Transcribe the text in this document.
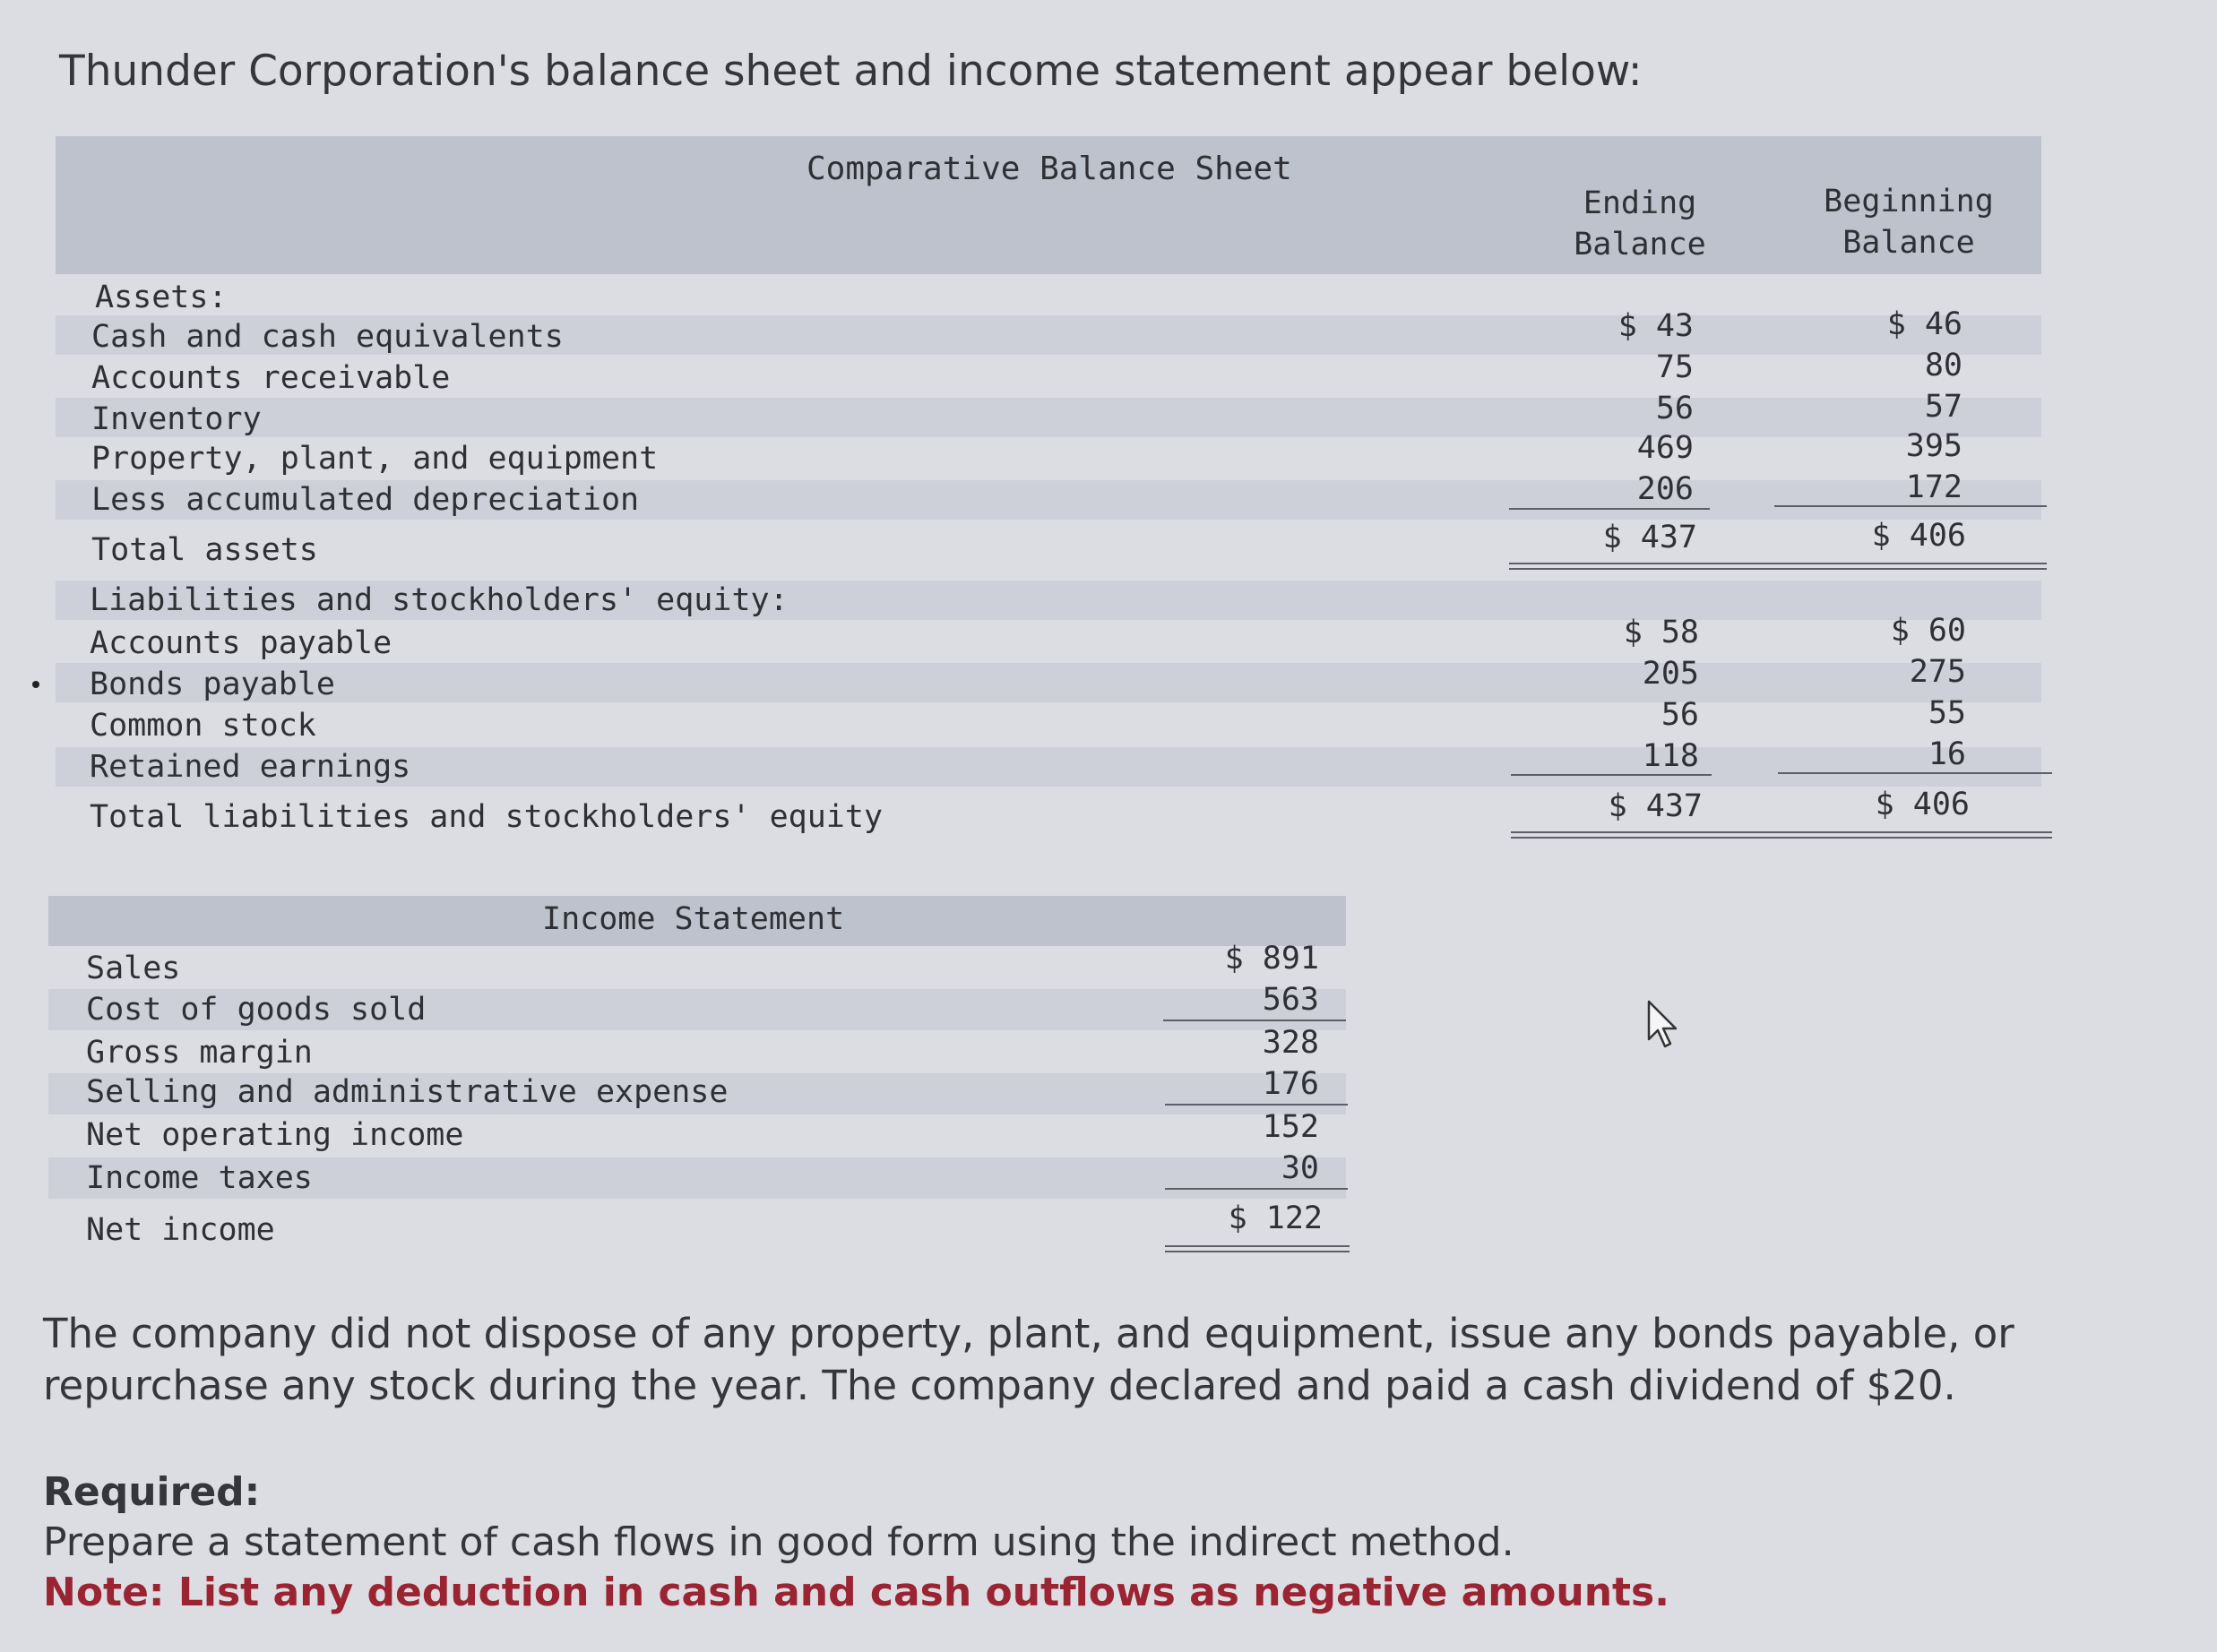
Thunder Corporation's balance sheet and income statement appear below:
Comparative Balance Sheet
Ending
Balance
Beginning
Balance
Assets:
Cash and cash equivalents	$ 43	$ 46
Accounts receivable	75	80
Inventory	56	57
Property, plant, and equipment	469	395
Less accumulated depreciation	206	172
Total assets	$ 437	$ 406
Liabilities and stockholders' equity:
Accounts payable	$ 58	$ 60
Bonds payable	205	275
Common stock	56	55
Retained earnings	118	16
Total liabilities and stockholders' equity	$ 437	$ 406
Income Statement
Sales	$ 891
Cost of goods sold	563
Gross margin	328
Selling and administrative expense	176
Net operating income	152
Income taxes	30
Net income	$ 122
The company did not dispose of any property, plant, and equipment, issue any bonds payable, or repurchase any stock during the year. The company declared and paid a cash dividend of $20.
Required:
Prepare a statement of cash flows in good form using the indirect method.
Note: List any deduction in cash and cash outflows as negative amounts.
